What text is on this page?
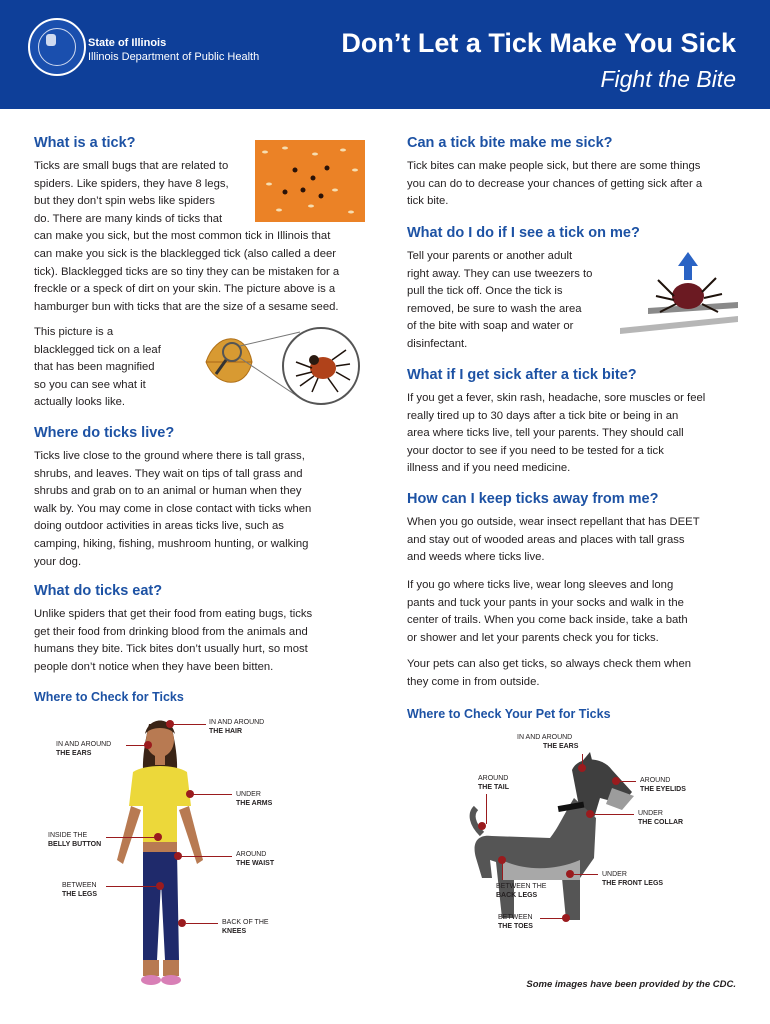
State of Illinois
Illinois Department of Public Health	Don’t Let a Tick Make You Sick
Fight the Bite
What is a tick?
Ticks are small bugs that are related to
spiders. Like spiders, they have 8 legs,
but they don’t spin webs like spiders
do. There are many kinds of ticks that
can make you sick, but the most common tick in Illinois that
can make you sick is the blacklegged tick (also called a deer
tick). Blacklegged ticks are so tiny they can be mistaken for a
freckle or a speck of dirt on your skin. The picture above is a
hamburger bun with ticks that are the size of a sesame seed.
This picture is a
blacklegged tick on a leaf
that has been magnified
so you can see what it
actually looks like.
Where do ticks live?
Ticks live close to the ground where there is tall grass,
shrubs, and leaves. They wait on tips of tall grass and
shrubs and grab on to an animal or human when they
walk by. You may come in close contact with ticks when
doing outdoor activities in areas ticks live, such as
camping, hiking, fishing, mushroom hunting, or walking
your dog.
What do ticks eat?
Unlike spiders that get their food from eating bugs, ticks
get their food from drinking blood from the animals and
humans they bite. Tick bites don’t usually hurt, so most
people don’t notice when they have been bitten.
Where to Check for Ticks
IN AND AROUND
THE HAIR
IN AND AROUND
THE EARS
UNDER
THE ARMS
INSIDE THE
BELLY BUTTON
AROUND
THE WAIST
BETWEEN
THE LEGS
BACK OF THE
KNEES
Can a tick bite make me sick?
Tick bites can make people sick, but there are some things
you can do to decrease your chances of getting sick after a
tick bite.
What do I do if I see a tick on me?
Tell your parents or another adult
right away. They can use tweezers to
pull the tick off. Once the tick is
removed, be sure to wash the area
of the bite with soap and water or
disinfectant.
What if I get sick after a tick bite?
If you get a fever, skin rash, headache, sore muscles or feel
really tired up to 30 days after a tick bite or being in an
area where ticks live, tell your parents. They should call
your doctor to see if you need to be tested for a tick
illness and if you need medicine.
How can I keep ticks away from me?
When you go outside, wear insect repellant that has DEET
and stay out of wooded areas and places with tall grass
and weeds where ticks live.
If you go where ticks live, wear long sleeves and long
pants and tuck your pants in your socks and walk in the
center of trails. When you come back inside, take a bath
or shower and let your parents check you for ticks.
Your pets can also get ticks, so always check them when
they come in from outside.
Where to Check Your Pet for Ticks
IN AND AROUND
THE EARS
AROUND
THE TAIL
AROUND
THE EYELIDS
UNDER
THE COLLAR
UNDER
THE FRONT LEGS
BETWEEN THE
BACK LEGS
BETWEEN
THE TOES
Some images have been provided by the CDC.
